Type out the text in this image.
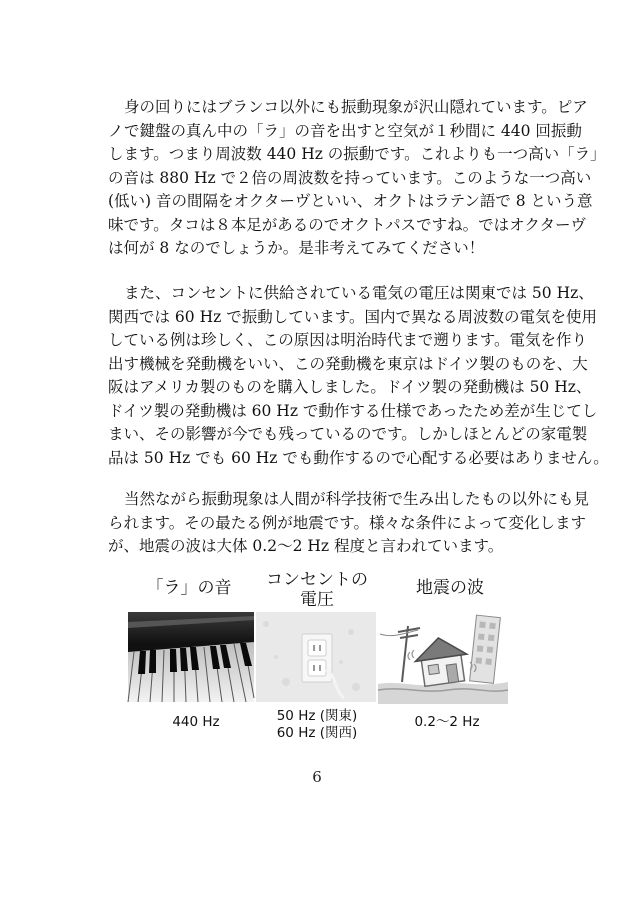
身の回りにはブランコ以外にも振動現象が沢山隠れています。ピア
ノで鍵盤の真ん中の「ラ」の音を出すと空気が１秒間に 440 回振動
します。つまり周波数 440 Hz の振動です。これよりも一つ高い「ラ」
の音は 880 Hz で２倍の周波数を持っています。このような一つ高い
(低い) 音の間隔をオクターヴといい、オクトはラテン語で 8 という意
味です。タコは８本足があるのでオクトパスですね。ではオクターヴ
は何が 8 なのでしょうか。是非考えてみてください！
また、コンセントに供給されている電気の電圧は関東では 50 Hz、
関西では 60 Hz で振動しています。国内で異なる周波数の電気を使用
している例は珍しく、この原因は明治時代まで遡ります。電気を作り
出す機械を発動機をいい、この発動機を東京はドイツ製のものを、大
阪はアメリカ製のものを購入しました。ドイツ製の発動機は 50 Hz、
ドイツ製の発動機は 60 Hz で動作する仕様であったため差が生じてし
まい、その影響が今でも残っているのです。しかしほとんどの家電製
品は 50 Hz でも 60 Hz でも動作するので心配する必要はありません。
当然ながら振動現象は人間が科学技術で生み出したもの以外にも見
られます。その最たる例が地震です。様々な条件によって変化します
が、地震の波は大体 0.2〜2 Hz 程度と言われています。
「ラ」の音
440 Hz
コンセントの
電圧
50 Hz (関東)
60 Hz (関西)
地震の波
0.2〜2 Hz
6
